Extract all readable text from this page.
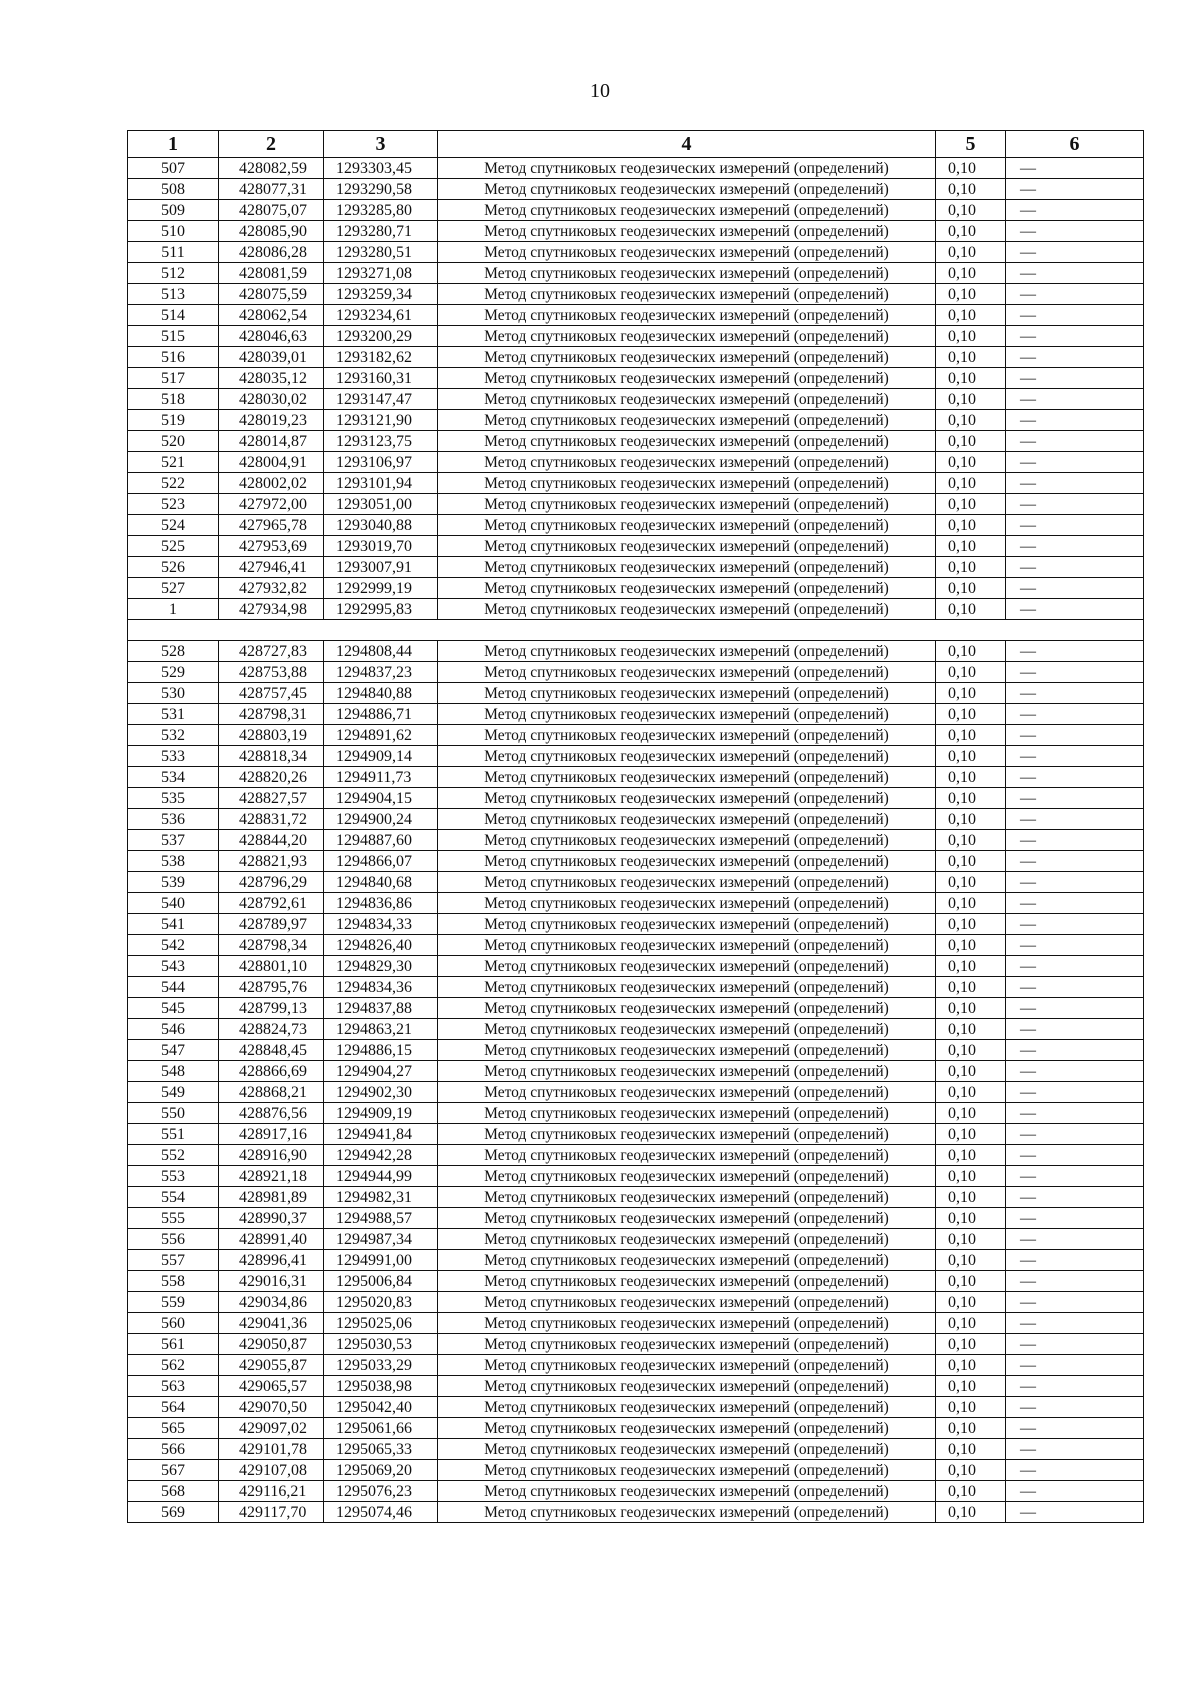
10
1	2	3	4	5	6
507	428082,59	1293303,45	Метод спутниковых геодезических измерений (определений)	0,10	—
508	428077,31	1293290,58	Метод спутниковых геодезических измерений (определений)	0,10	—
509	428075,07	1293285,80	Метод спутниковых геодезических измерений (определений)	0,10	—
510	428085,90	1293280,71	Метод спутниковых геодезических измерений (определений)	0,10	—
511	428086,28	1293280,51	Метод спутниковых геодезических измерений (определений)	0,10	—
512	428081,59	1293271,08	Метод спутниковых геодезических измерений (определений)	0,10	—
513	428075,59	1293259,34	Метод спутниковых геодезических измерений (определений)	0,10	—
514	428062,54	1293234,61	Метод спутниковых геодезических измерений (определений)	0,10	—
515	428046,63	1293200,29	Метод спутниковых геодезических измерений (определений)	0,10	—
516	428039,01	1293182,62	Метод спутниковых геодезических измерений (определений)	0,10	—
517	428035,12	1293160,31	Метод спутниковых геодезических измерений (определений)	0,10	—
518	428030,02	1293147,47	Метод спутниковых геодезических измерений (определений)	0,10	—
519	428019,23	1293121,90	Метод спутниковых геодезических измерений (определений)	0,10	—
520	428014,87	1293123,75	Метод спутниковых геодезических измерений (определений)	0,10	—
521	428004,91	1293106,97	Метод спутниковых геодезических измерений (определений)	0,10	—
522	428002,02	1293101,94	Метод спутниковых геодезических измерений (определений)	0,10	—
523	427972,00	1293051,00	Метод спутниковых геодезических измерений (определений)	0,10	—
524	427965,78	1293040,88	Метод спутниковых геодезических измерений (определений)	0,10	—
525	427953,69	1293019,70	Метод спутниковых геодезических измерений (определений)	0,10	—
526	427946,41	1293007,91	Метод спутниковых геодезических измерений (определений)	0,10	—
527	427932,82	1292999,19	Метод спутниковых геодезических измерений (определений)	0,10	—
1	427934,98	1292995,83	Метод спутниковых геодезических измерений (определений)	0,10	—

528	428727,83	1294808,44	Метод спутниковых геодезических измерений (определений)	0,10	—
529	428753,88	1294837,23	Метод спутниковых геодезических измерений (определений)	0,10	—
530	428757,45	1294840,88	Метод спутниковых геодезических измерений (определений)	0,10	—
531	428798,31	1294886,71	Метод спутниковых геодезических измерений (определений)	0,10	—
532	428803,19	1294891,62	Метод спутниковых геодезических измерений (определений)	0,10	—
533	428818,34	1294909,14	Метод спутниковых геодезических измерений (определений)	0,10	—
534	428820,26	1294911,73	Метод спутниковых геодезических измерений (определений)	0,10	—
535	428827,57	1294904,15	Метод спутниковых геодезических измерений (определений)	0,10	—
536	428831,72	1294900,24	Метод спутниковых геодезических измерений (определений)	0,10	—
537	428844,20	1294887,60	Метод спутниковых геодезических измерений (определений)	0,10	—
538	428821,93	1294866,07	Метод спутниковых геодезических измерений (определений)	0,10	—
539	428796,29	1294840,68	Метод спутниковых геодезических измерений (определений)	0,10	—
540	428792,61	1294836,86	Метод спутниковых геодезических измерений (определений)	0,10	—
541	428789,97	1294834,33	Метод спутниковых геодезических измерений (определений)	0,10	—
542	428798,34	1294826,40	Метод спутниковых геодезических измерений (определений)	0,10	—
543	428801,10	1294829,30	Метод спутниковых геодезических измерений (определений)	0,10	—
544	428795,76	1294834,36	Метод спутниковых геодезических измерений (определений)	0,10	—
545	428799,13	1294837,88	Метод спутниковых геодезических измерений (определений)	0,10	—
546	428824,73	1294863,21	Метод спутниковых геодезических измерений (определений)	0,10	—
547	428848,45	1294886,15	Метод спутниковых геодезических измерений (определений)	0,10	—
548	428866,69	1294904,27	Метод спутниковых геодезических измерений (определений)	0,10	—
549	428868,21	1294902,30	Метод спутниковых геодезических измерений (определений)	0,10	—
550	428876,56	1294909,19	Метод спутниковых геодезических измерений (определений)	0,10	—
551	428917,16	1294941,84	Метод спутниковых геодезических измерений (определений)	0,10	—
552	428916,90	1294942,28	Метод спутниковых геодезических измерений (определений)	0,10	—
553	428921,18	1294944,99	Метод спутниковых геодезических измерений (определений)	0,10	—
554	428981,89	1294982,31	Метод спутниковых геодезических измерений (определений)	0,10	—
555	428990,37	1294988,57	Метод спутниковых геодезических измерений (определений)	0,10	—
556	428991,40	1294987,34	Метод спутниковых геодезических измерений (определений)	0,10	—
557	428996,41	1294991,00	Метод спутниковых геодезических измерений (определений)	0,10	—
558	429016,31	1295006,84	Метод спутниковых геодезических измерений (определений)	0,10	—
559	429034,86	1295020,83	Метод спутниковых геодезических измерений (определений)	0,10	—
560	429041,36	1295025,06	Метод спутниковых геодезических измерений (определений)	0,10	—
561	429050,87	1295030,53	Метод спутниковых геодезических измерений (определений)	0,10	—
562	429055,87	1295033,29	Метод спутниковых геодезических измерений (определений)	0,10	—
563	429065,57	1295038,98	Метод спутниковых геодезических измерений (определений)	0,10	—
564	429070,50	1295042,40	Метод спутниковых геодезических измерений (определений)	0,10	—
565	429097,02	1295061,66	Метод спутниковых геодезических измерений (определений)	0,10	—
566	429101,78	1295065,33	Метод спутниковых геодезических измерений (определений)	0,10	—
567	429107,08	1295069,20	Метод спутниковых геодезических измерений (определений)	0,10	—
568	429116,21	1295076,23	Метод спутниковых геодезических измерений (определений)	0,10	—
569	429117,70	1295074,46	Метод спутниковых геодезических измерений (определений)	0,10	—
